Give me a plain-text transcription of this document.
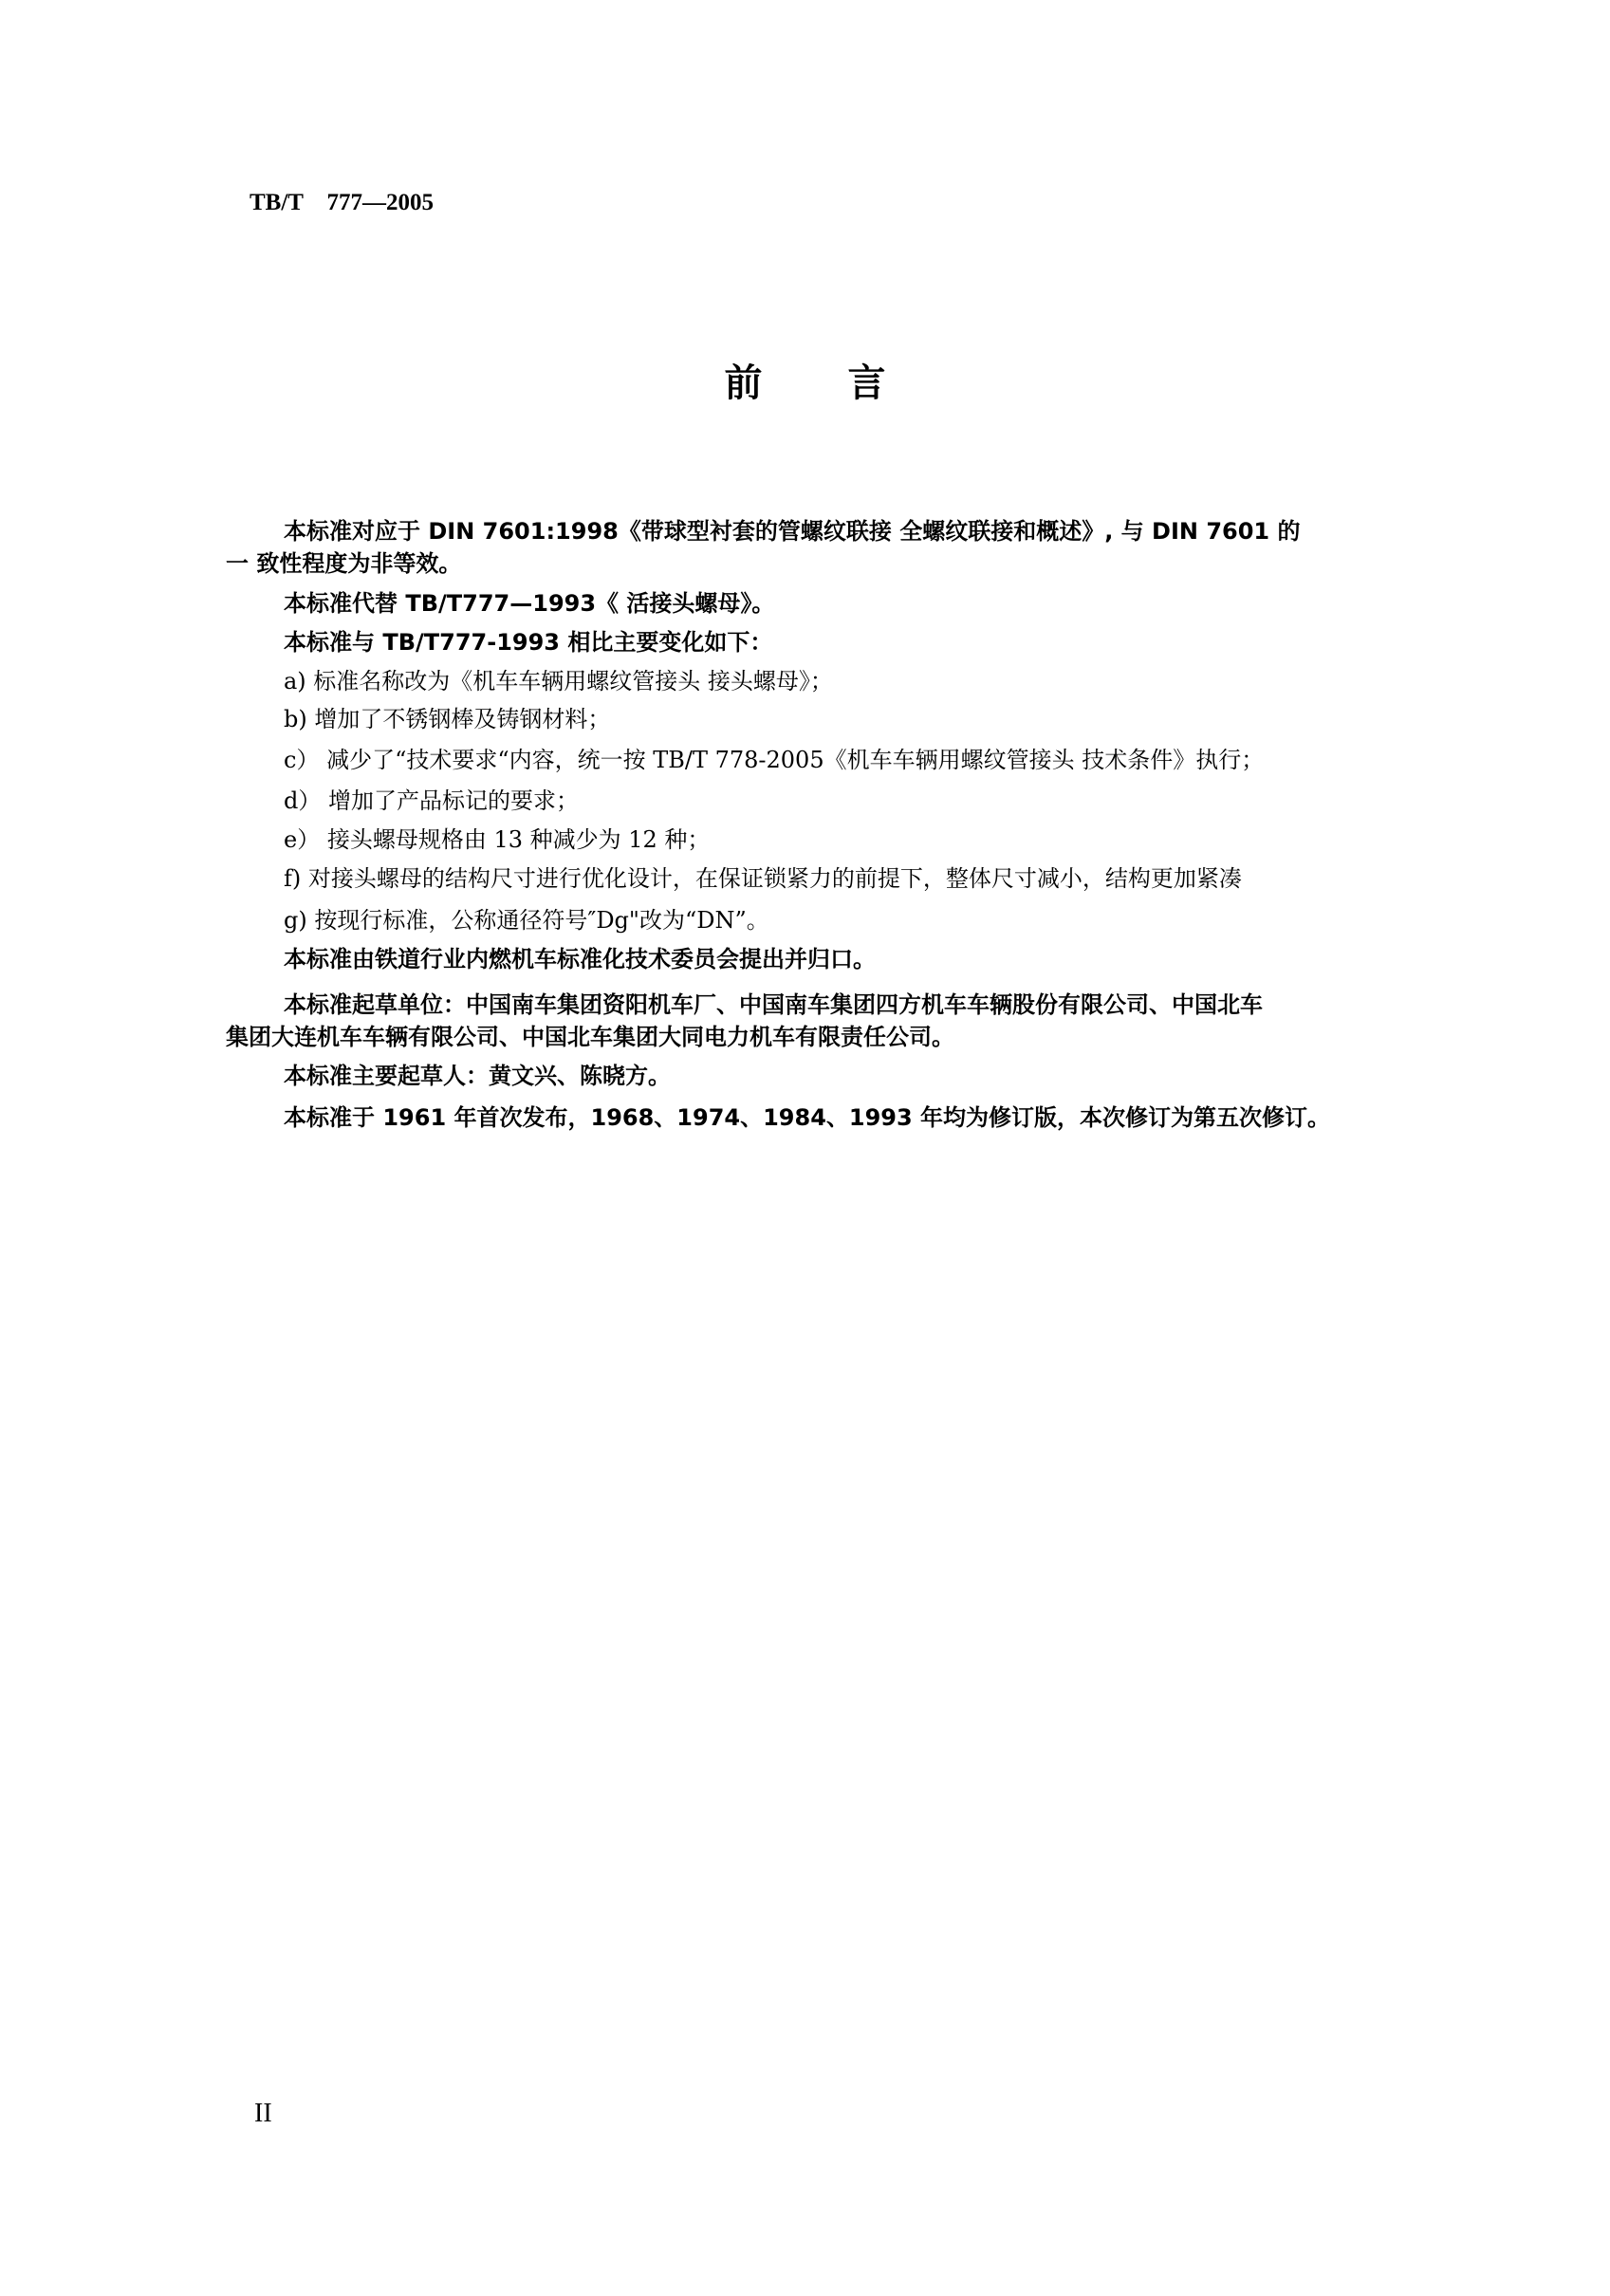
TB/T    777—2005
前 言
本标准对应于 DIN 7601:1998《带球型衬套的管螺纹联接 全螺纹联接和概述》, 与 DIN 7601 的
一 致性程度为非等效。
本标准代替 TB/T777—1993《 活接头螺母》。
本标准与 TB/T777-1993 相比主要变化如下：
a) 标准名称改为《机车车辆用螺纹管接头 接头螺母》；
b) 增加了不锈钢棒及铸钢材料；
c） 减少了“技术要求“内容，统一按 TB/T 778-2005《机车车辆用螺纹管接头 技术条件》执行；
d） 增加了产品标记的要求；
e） 接头螺母规格由 13 种减少为 12 种；
f) 对接头螺母的结构尺寸进行优化设计，在保证锁紧力的前提下，整体尺寸减小，结构更加紧凑
g) 按现行标准，公称通径符号″Dg"改为“DN”。
本标准由铁道行业内燃机车标准化技术委员会提出并归口。
本标准起草单位：中国南车集团资阳机车厂、中国南车集团四方机车车辆股份有限公司、中国北车
集团大连机车车辆有限公司、中国北车集团大同电力机车有限责任公司。
本标准主要起草人：黄文兴、陈晓方。
本标准于 1961 年首次发布，1968、1974、1984、1993 年均为修订版，本次修订为第五次修订。
II
